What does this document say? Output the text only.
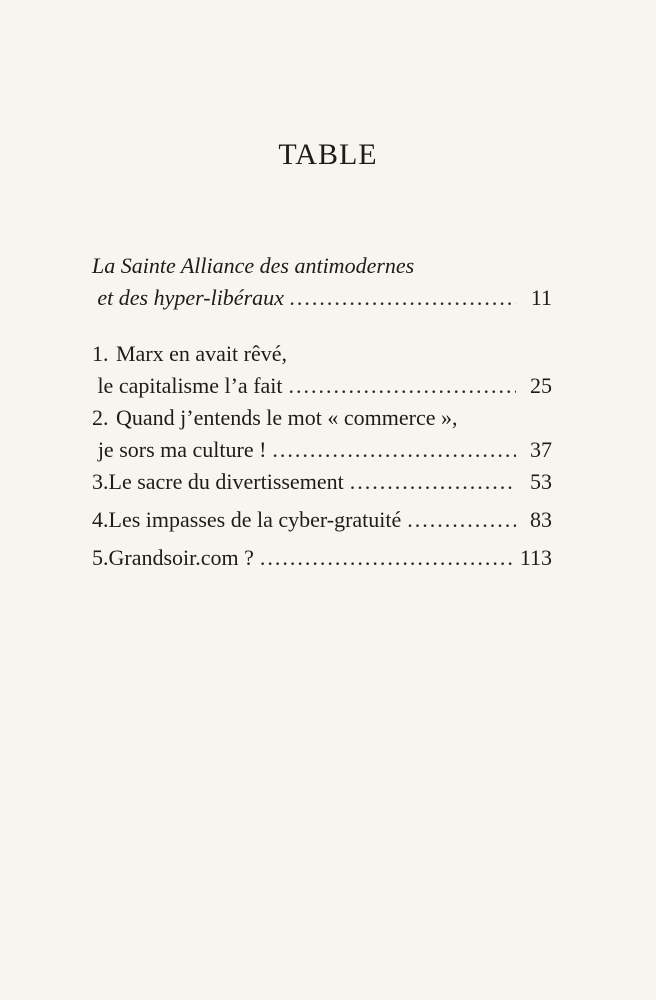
TABLE
La Sainte Alliance des antimodernes
et des hyper-libéraux .....	11
1. Marx en avait rêvé,
le capitalisme l’a fait .....	25
2. Quand j’entends le mot « commerce »,
je sors ma culture ! .....	37
3. Le sacre du divertissement .....	53
4. Les impasses de la cyber-gratuité .....	83
5. Grandsoir.com ? .....	113
